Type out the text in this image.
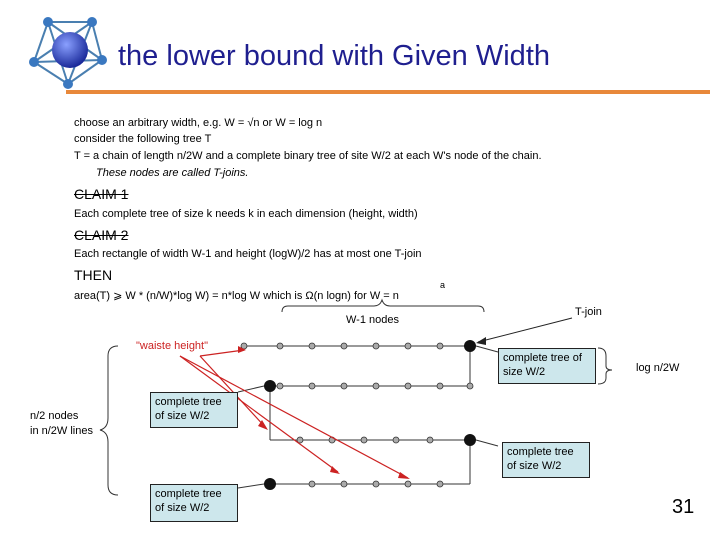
the lower bound with Given Width
choose an arbitrary width, e.g. W = √n or W = log n
consider the following tree T
T = a chain of length n/2W and a complete binary tree of site W/2 at each W's node of the chain.
These nodes are called T-joins.
CLAIM 1
Each complete tree of size k needs k in each dimension (height, width)
CLAIM 2
Each rectangle of width W-1 and height (logW)/2 has at most one T-join
THEN
area(T) ⩾ W * (n/W)*log W) = n*log W which is Ω(n logn) for W = n
a
W-1 nodes
T-join
"waiste height"
log n/2W
n/2 nodes
in n/2W lines
complete tree of size W/2
complete tree of size W/2
complete tree of size W/2
complete tree of size W/2	31
